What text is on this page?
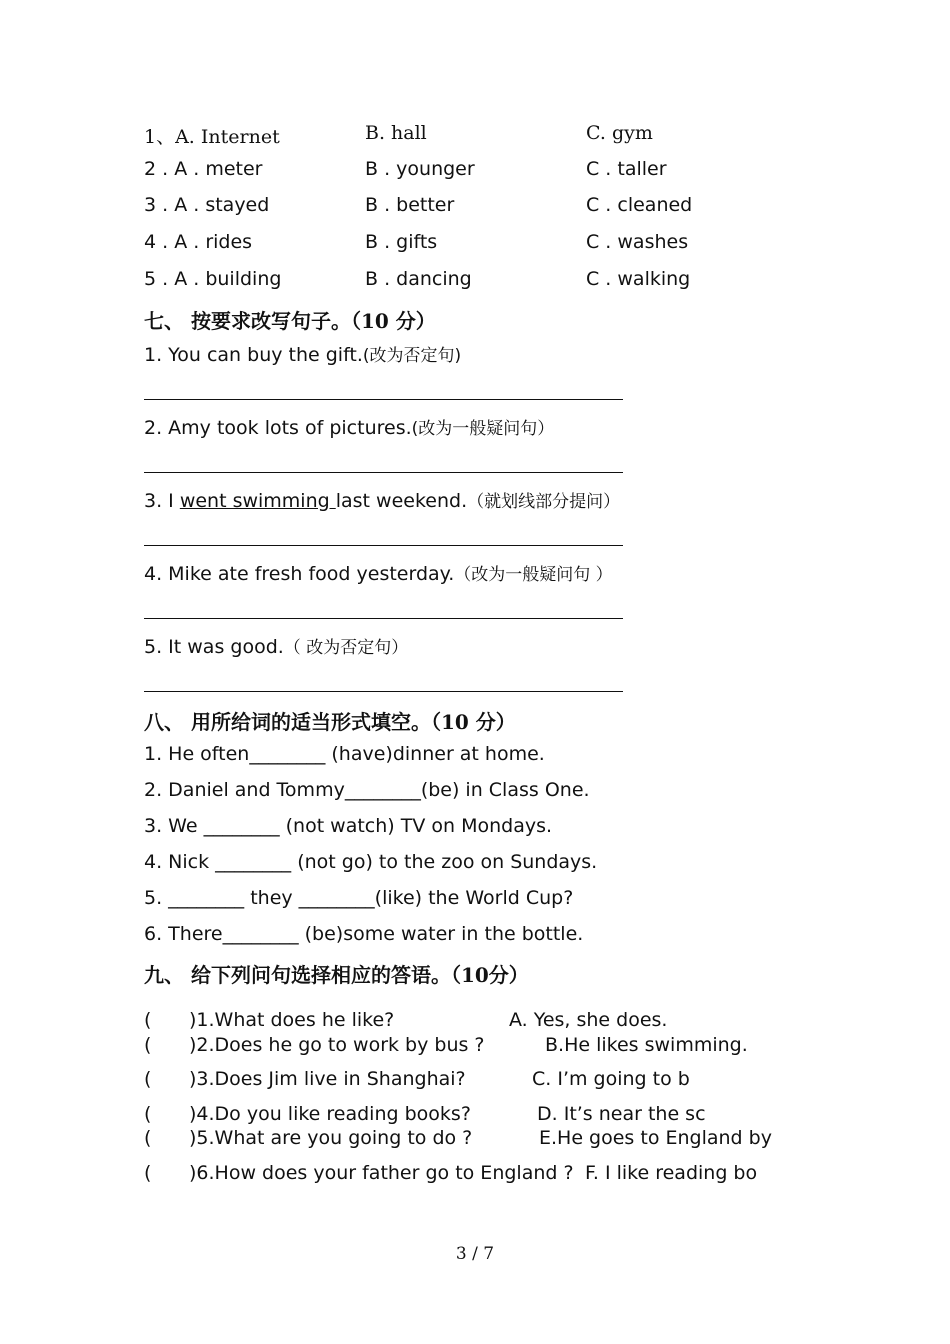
1、A. Internet	B. hall	C. gym
2 . A . meter	B . younger	C . taller
3 . A . stayed	B . better	C . cleaned
4 . A . rides	B . gifts	C . washes
5 . A . building	B . dancing	C . walking
七、 按要求改写句子。（10 分）
1. You can buy the gift.(改为否定句)
2. Amy took lots of pictures.(改为一般疑问句）
3. I went swimming last weekend.（就划线部分提问）
4. Mike ate fresh food yesterday.（改为一般疑问句 ）
5. It was good.（ 改为否定句）
八、 用所给词的适当形式填空。（10 分）
1. He often________ (have)dinner at home.
2. Daniel and Tommy________(be) in Class One.
3. We ________ (not watch) TV on Mondays.
4. Nick ________ (not go) to the zoo on Sundays.
5. ________ they ________(like) the World Cup?
6. There________ (be)some water in the bottle.
九、 给下列问句选择相应的答语。（10分）
( )1.What does he like?	A. Yes, she does.
( )2.Does he go to work by bus ?	B.He likes swimming.
( )3.Does Jim live in Shanghai?	C. I’m going to b
( )4.Do you like reading books?	D. It’s near the sc
( )5.What are you going to do ?	E.He goes to England by
( )6.How does your father go to England ? F. I like reading bo
3 / 7
